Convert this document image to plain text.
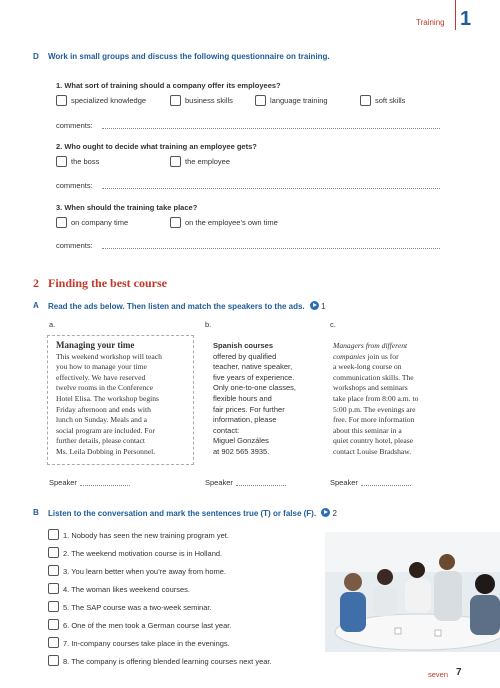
Training 1
D Work in small groups and discuss the following questionnaire on training.
1. What sort of training should a company offer its employees?
specialized knowledge	business skills	language training	soft skills
comments:
2. Who ought to decide what training an employee gets?
the boss	the employee
comments:
3. When should the training take place?
on company time	on the employee’s own time
comments:
2 Finding the best course
A Read the ads below. Then listen and match the speakers to the ads. 1
a.	b.	c.
Managing your time
This weekend workshop will teach
you how to manage your time
effectively. We have reserved
twelve rooms in the Conference
Hotel Elisa. The workshop begins
Friday afternoon and ends with
lunch on Sunday. Meals and a
social program are included. For
further details, please contact
Ms. Leila Dobbing in Personnel.
Spanish courses
offered by qualified
teacher, native speaker,
five years of experience.
Only one-to-one classes,
flexible hours and
fair prices. For further
information, please
contact:
Miguel Gonzáles
at 902 565 3935.
Managers from different
companies join us for
a week-long course on
communication skills. The
workshops and seminars
take place from 8:00 a.m. to
5:00 p.m. The evenings are
free. For more information
about this seminar in a
quiet country hotel, please
contact Louise Bradshaw.
Speaker	Speaker	Speaker
B Listen to the conversation and mark the sentences true (T) or false (F). 2
1. Nobody has seen the new training program yet.
2. The weekend motivation course is in Holland.
3. You learn better when you’re away from home.
4. The woman likes weekend courses.
5. The SAP course was a two-week seminar.
6. One of the men took a German course last year.
7. In-company courses take place in the evenings.
8. The company is offering blended learning courses next year.
seven 7
